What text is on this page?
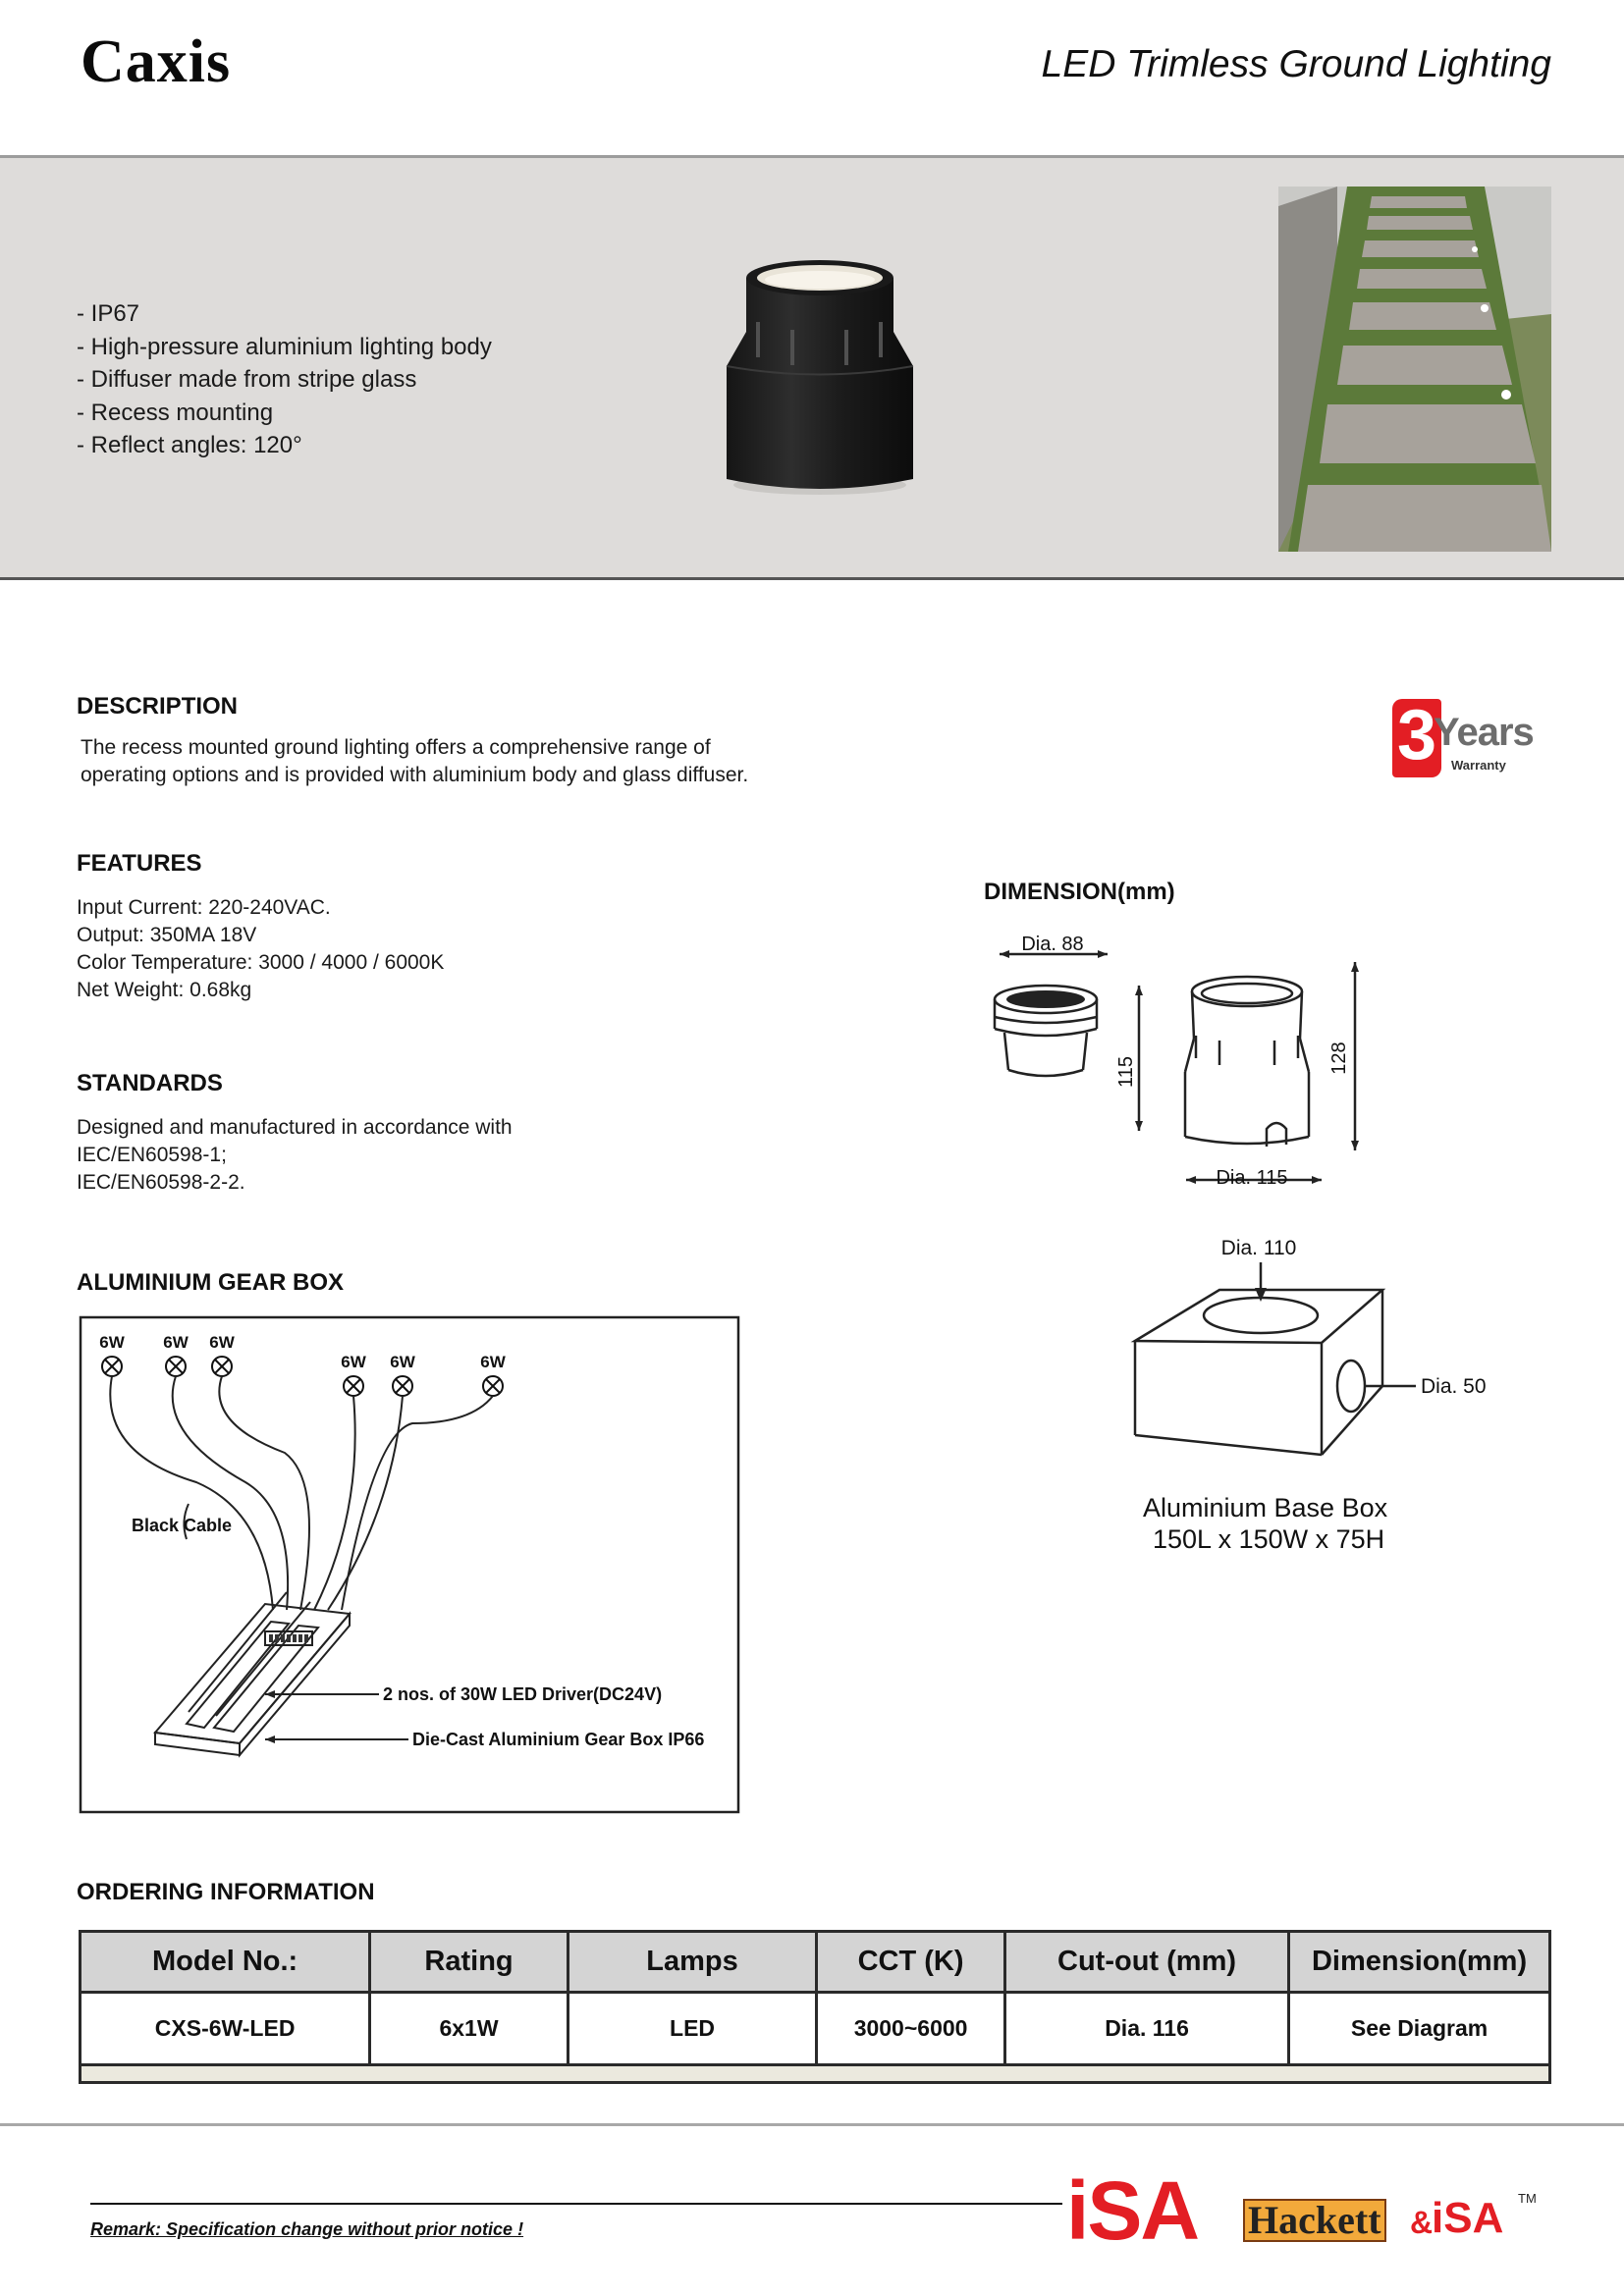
Caxis	LED Trimless Ground Lighting
- IP67
- High-pressure aluminium lighting body
- Diffuser made from stripe glass
- Recess mounting
- Reflect angles: 120°
DESCRIPTION
The recess mounted ground lighting offers a comprehensive range of
operating options and is provided with aluminium body and glass diffuser.
3
Years
Warranty
FEATURES
Input Current: 220-240VAC.
Output: 350MA 18V
Color Temperature: 3000 / 4000 / 6000K
Net Weight: 0.68kg
STANDARDS
Designed and manufactured in accordance with
IEC/EN60598-1;
IEC/EN60598-2-2.
DIMENSION(mm)
Dia. 88
115	128
Dia. 115
Dia. 110
Dia. 50
Aluminium Base Box
150L x 150W x 75H
ALUMINIUM GEAR BOX
6W 6W 6W
6W 6W	6W
Black Cable
2 nos. of 30W LED Driver(DC24V)
Die-Cast Aluminium Gear Box IP66
ORDERING INFORMATION
Model No.:	Rating	Lamps	CCT (K)	Cut-out (mm)	Dimension(mm)
CXS-6W-LED	6x1W	LED	3000~6000	Dia. 116	See Diagram

Remark: Specification change without prior notice !	iSA Hackett &
iSA TM
